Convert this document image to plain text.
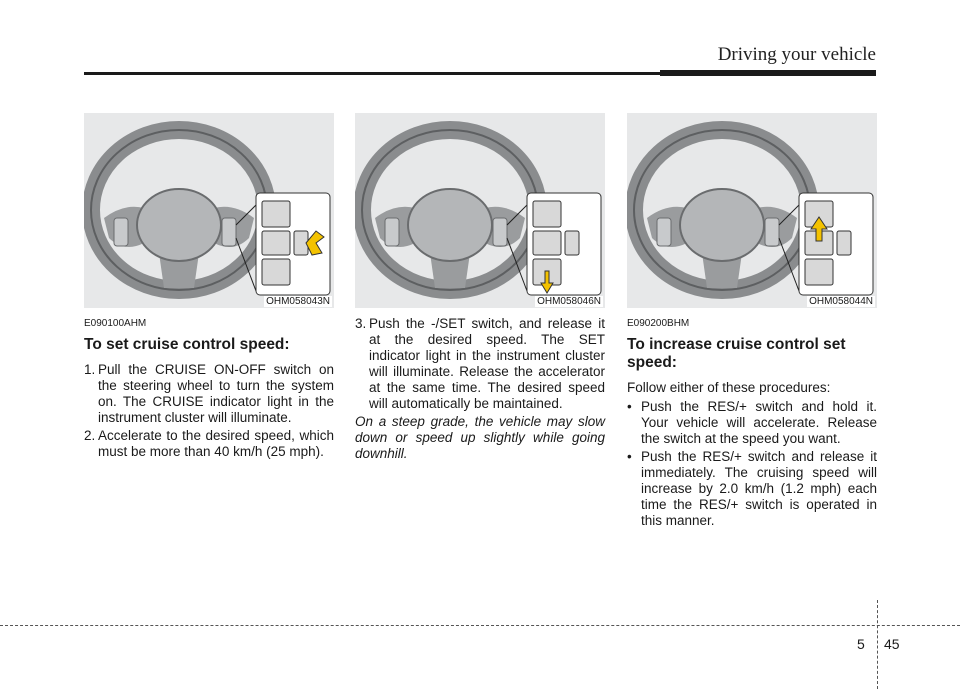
Driving your vehicle
OHM058043N	OHM058046N	OHM058044N
E090100AHM
To set cruise control speed:
1. Pull the CRUISE ON-OFF switch on the steering wheel to turn the system on. The CRUISE indicator light in the instrument cluster will illuminate.
2. Accelerate to the desired speed, which must be more than 40 km/h (25 mph).
3. Push the -/SET switch, and release it at the desired speed. The SET indicator light in the instrument cluster will illuminate. Release the accelerator at the same time. The desired speed will automatically be maintained.

On a steep grade, the vehicle may slow down or speed up slightly while going downhill.

E090200BHM
To increase cruise control set speed:

Follow either of these procedures:

• Push the RES/+ switch and hold it. Your vehicle will accelerate. Release the switch at the speed you want.
• Push the RES/+ switch and release it immediately. The cruising speed will increase by 2.0 km/h (1.2 mph) each time the RES/+ switch is operated in this manner.
5 45
